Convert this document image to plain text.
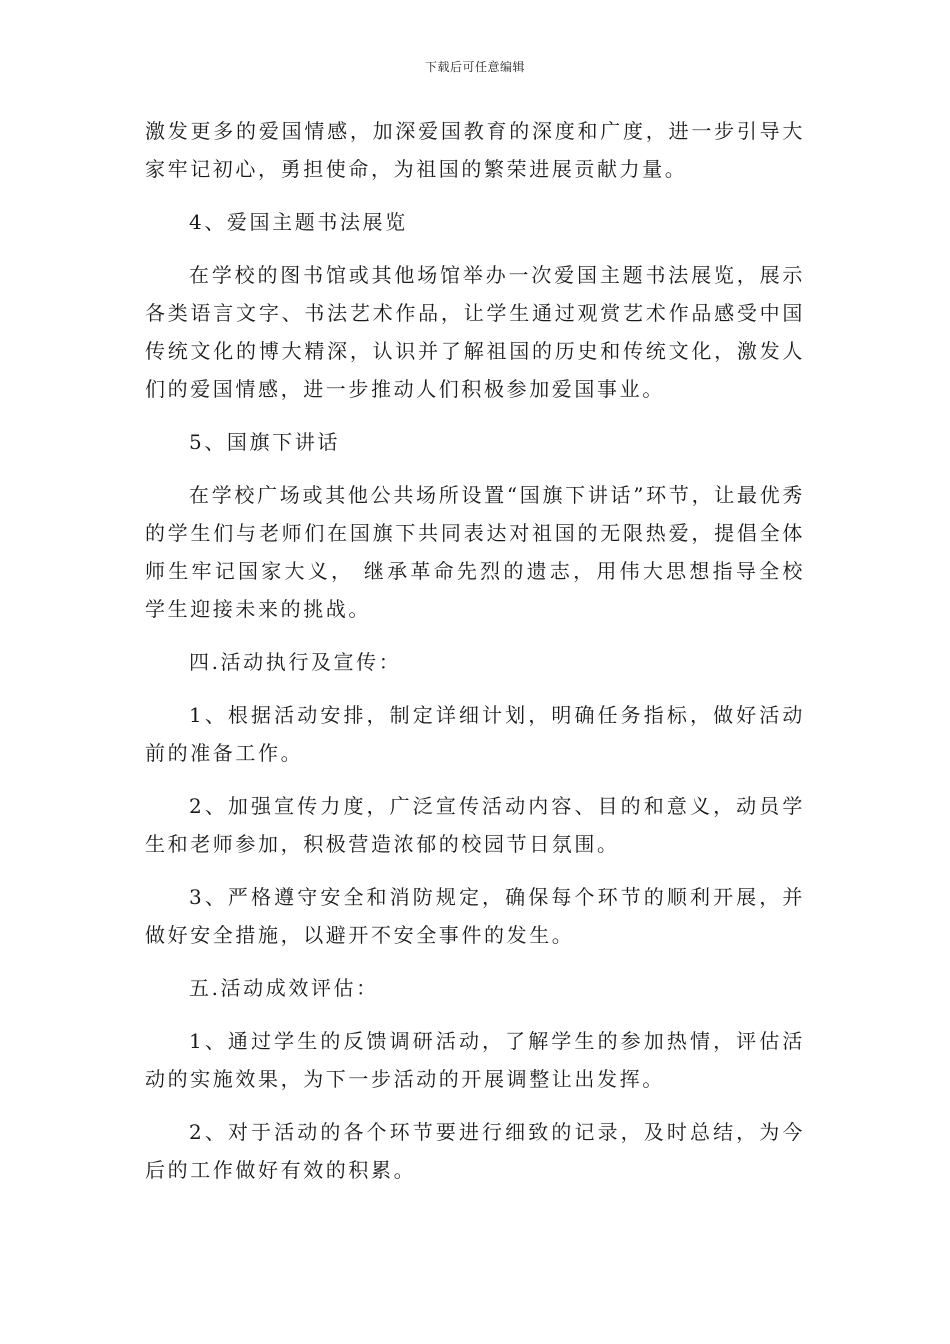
下载后可任意编辑

激发更多的爱国情感，加深爱国教育的深度和广度，进一步引导大家牢记初心，勇担使命，为祖国的繁荣进展贡献力量。

4、爱国主题书法展览

在学校的图书馆或其他场馆举办一次爱国主题书法展览，展示各类语言文字、书法艺术作品，让学生通过观赏艺术作品感受中国传统文化的博大精深，认识并了解祖国的历史和传统文化，激发人们的爱国情感，进一步推动人们积极参加爱国事业。

5、国旗下讲话

在学校广场或其他公共场所设置“国旗下讲话”环节，让最优秀的学生们与老师们在国旗下共同表达对祖国的无限热爱，提倡全体师生牢记国家大义， 继承革命先烈的遗志，用伟大思想指导全校学生迎接未来的挑战。

四.活动执行及宣传：

1、根据活动安排，制定详细计划，明确任务指标，做好活动前的准备工作。

2、加强宣传力度，广泛宣传活动内容、目的和意义，动员学生和老师参加，积极营造浓郁的校园节日氛围。

3、严格遵守安全和消防规定，确保每个环节的顺利开展，并做好安全措施，以避开不安全事件的发生。

五.活动成效评估：

1、通过学生的反馈调研活动，了解学生的参加热情，评估活动的实施效果，为下一步活动的开展调整让出发挥。

2、对于活动的各个环节要进行细致的记录，及时总结，为今后的工作做好有效的积累。
